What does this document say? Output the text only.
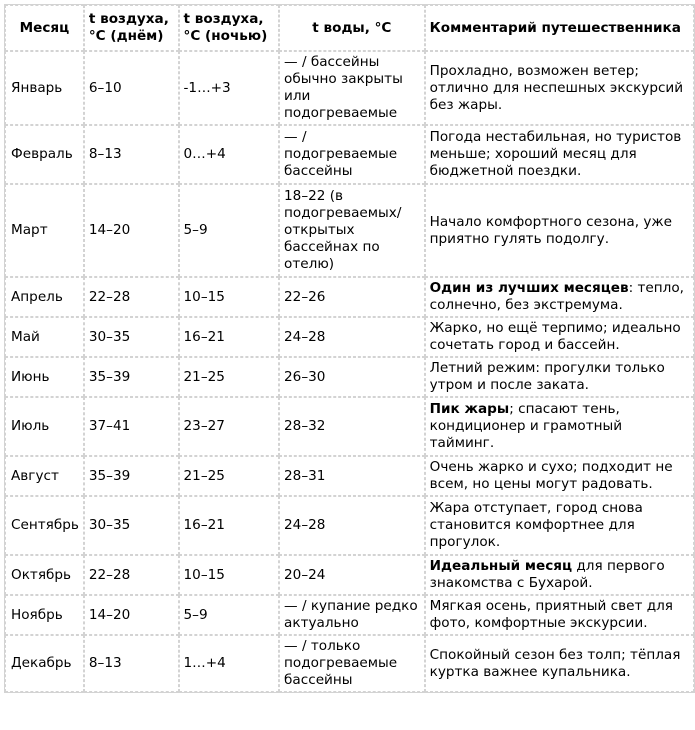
Месяц	t воздуха, °С (днём)	t воздуха, °С (ночью)	t воды, °С	Комментарий путешественника
Январь	6–10	-1…+3	— / бассейны обычно закрыты или подогреваемые	Прохладно, возможен ветер; отлично для неспешных экскурсий без жары.
Февраль	8–13	0…+4	— / подогреваемые бассейны	Погода нестабильная, но туристов меньше; хороший месяц для бюджетной поездки.
Март	14–20	5–9	18–22 (в подогреваемых/ открытых бассейнах по отелю)	Начало комфортного сезона, уже приятно гулять подолгу.
Апрель	22–28	10–15	22–26	Один из лучших месяцев: тепло, солнечно, без экстремума.
Май	30–35	16–21	24–28	Жарко, но ещё терпимо; идеально сочетать город и бассейн.
Июнь	35–39	21–25	26–30	Летний режим: прогулки только утром и после заката.
Июль	37–41	23–27	28–32	Пик жары; спасают тень, кондиционер и грамотный тайминг.
Август	35–39	21–25	28–31	Очень жарко и сухо; подходит не всем, но цены могут радовать.
Сентябрь	30–35	16–21	24–28	Жара отступает, город снова становится комфортнее для прогулок.
Октябрь	22–28	10–15	20–24	Идеальный месяц для первого знакомства с Бухарой.
Ноябрь	14–20	5–9	— / купание редко актуально	Мягкая осень, приятный свет для фото, комфортные экскурсии.
Декабрь	8–13	1…+4	— / только подогреваемые бассейны	Спокойный сезон без толп; тёплая куртка важнее купальника.
